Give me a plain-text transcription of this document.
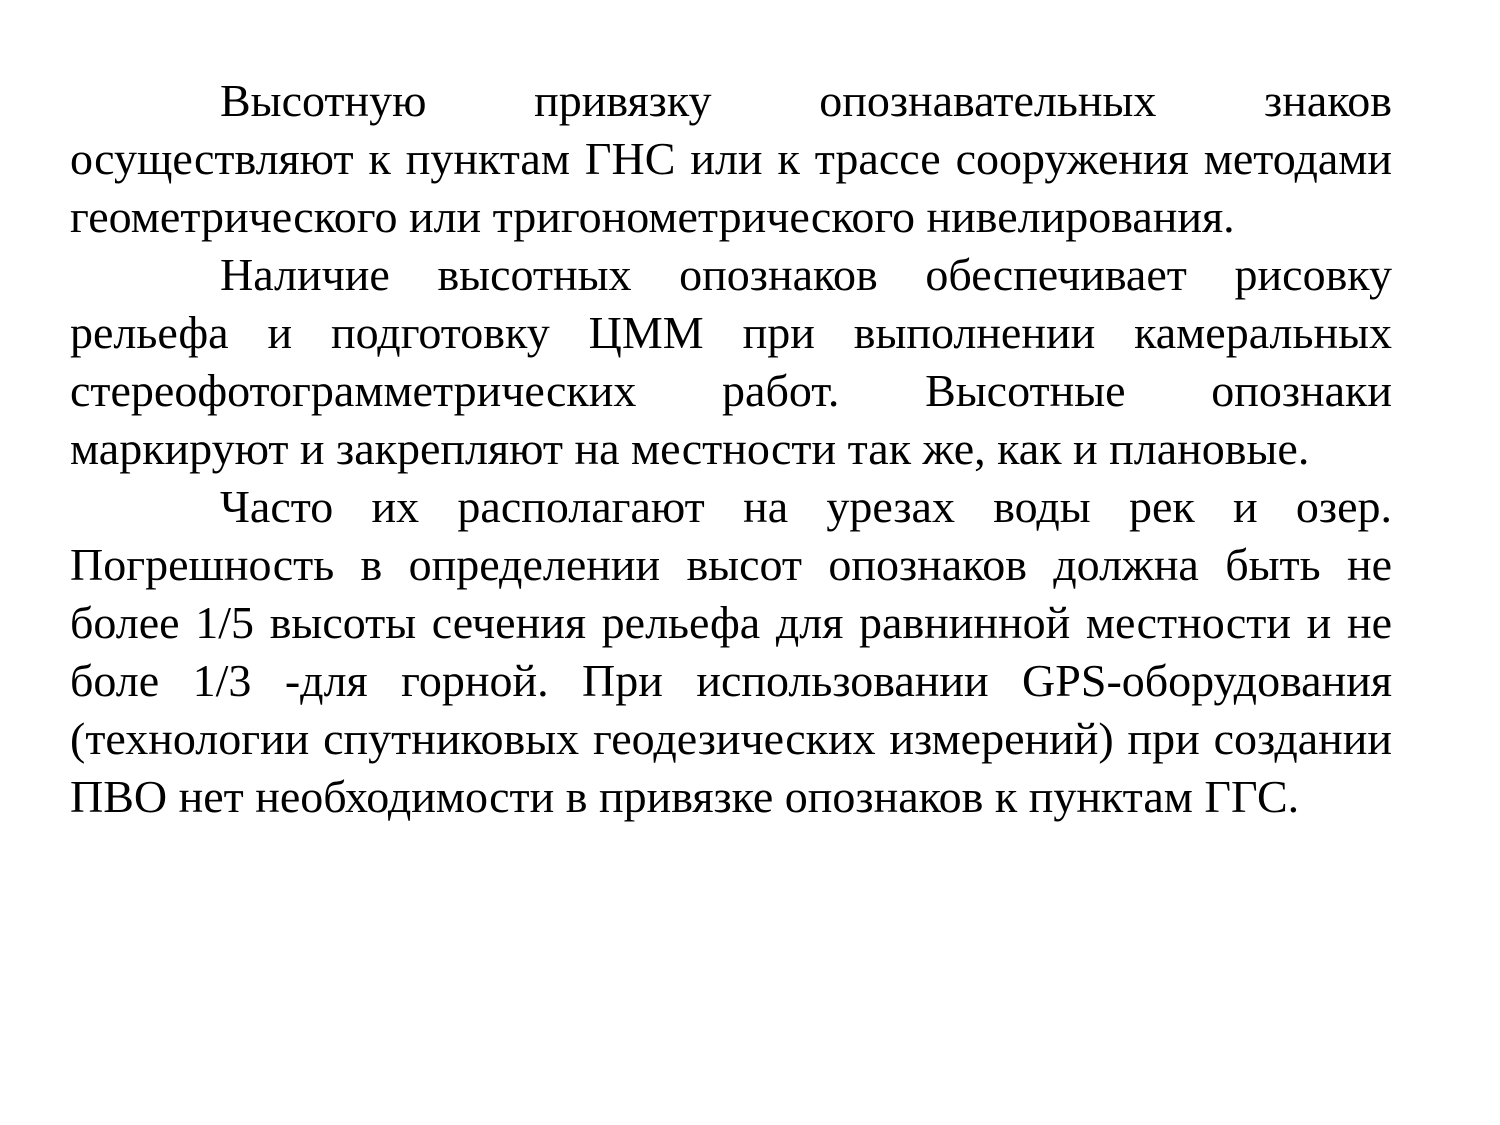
Высотную привязку опознавательных знаков осуществляют к пунктам ГНС или к трассе сооружения методами геометрического или тригонометрического нивелирования.

Наличие высотных опознаков обеспечивает рисовку рельефа и подготовку ЦММ при выполнении камеральных стереофотограмметрических работ. Высотные опознаки маркируют и закрепляют на местности так же, как и плановые.

Часто их располагают на урезах воды рек и озер. Погрешность в определении высот опознаков должна быть не более 1/5 высоты сечения рельефа для равнинной местности и не боле 1/3 -для горной. При использовании GPS-оборудования (технологии спутниковых геодезических измерений) при создании ПВО нет необходимости в привязке опознаков к пунктам ГГС.
